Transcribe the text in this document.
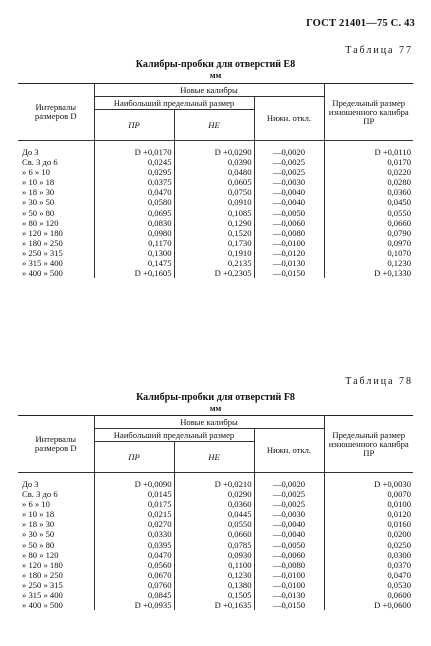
ГОСТ 21401—75 С. 43
Таблица 77
Калибры-пробки для отверстий E8
мм
Интервалы размеров D	Новые калибры			Предельный размер изношенного калибра ПР
	Наибольший предельный размер		Нижн. откл.	
	ПР	НЕ		
До 3	D +0,0170	D +0,0290	—0,0020	D +0,0110
Св. 3 до 6	0,0245	0,0390	—0,0025	0,0170
» 6 » 10	0,0295	0,0480	—0,0025	0,0220
» 10 » 18	0,0375	0,0605	—0,0030	0,0280
» 18 » 30	0,0470	0,0750	—0,0040	0,0360
» 30 » 50	0,0580	0,0910	—0,0040	0,0450
» 50 » 80	0,0695	0,1085	—0,0050	0,0550
» 80 » 120	0,0830	0,1290	—0,0060	0,0660
» 120 » 180	0,0980	0,1520	—0,0080	0,0790
» 180 » 250	0,1170	0,1730	—0,0100	0,0970
» 250 » 315	0,1300	0,1910	—0,0120	0,1070
» 315 » 400	0,1475	0,2135	—0,0130	0,1230
» 400 » 500	D +0,1605	D +0,2305	—0,0150	D +0,1330
Таблица 78
Калибры-пробки для отверстий F8
мм
Интервалы размеров D	Новые калибры			Предельный размер изношенного калибра ПР
	Наибольший предельный размер		Нижн. откл.	
	ПР	НЕ		
До 3	D +0,0090	D +0,0210	—0,0020	D +0,0030
Св. 3 до 6	0,0145	0,0290	—0,0025	0,0070
» 6 » 10	0,0175	0,0360	—0,0025	0,0100
» 10 » 18	0,0215	0,0445	—0,0030	0,0120
» 18 » 30	0,0270	0,0550	—0,0040	0,0160
» 30 » 50	0,0330	0,0660	—0,0040	0,0200
» 50 » 80	0,0395	0,0785	—0,0050	0,0250
» 80 » 120	0,0470	0,0930	—0,0060	0,0300
» 120 » 180	0,0560	0,1100	—0,0080	0,0370
» 180 » 250	0,0670	0,1230	—0,0100	0,0470
» 250 » 315	0,0760	0,1380	—0,0100	0,0530
» 315 » 400	0,0845	0,1505	—0,0130	0,0600
» 400 » 500	D +0,0935	D +0,1635	—0,0150	D +0,0600
